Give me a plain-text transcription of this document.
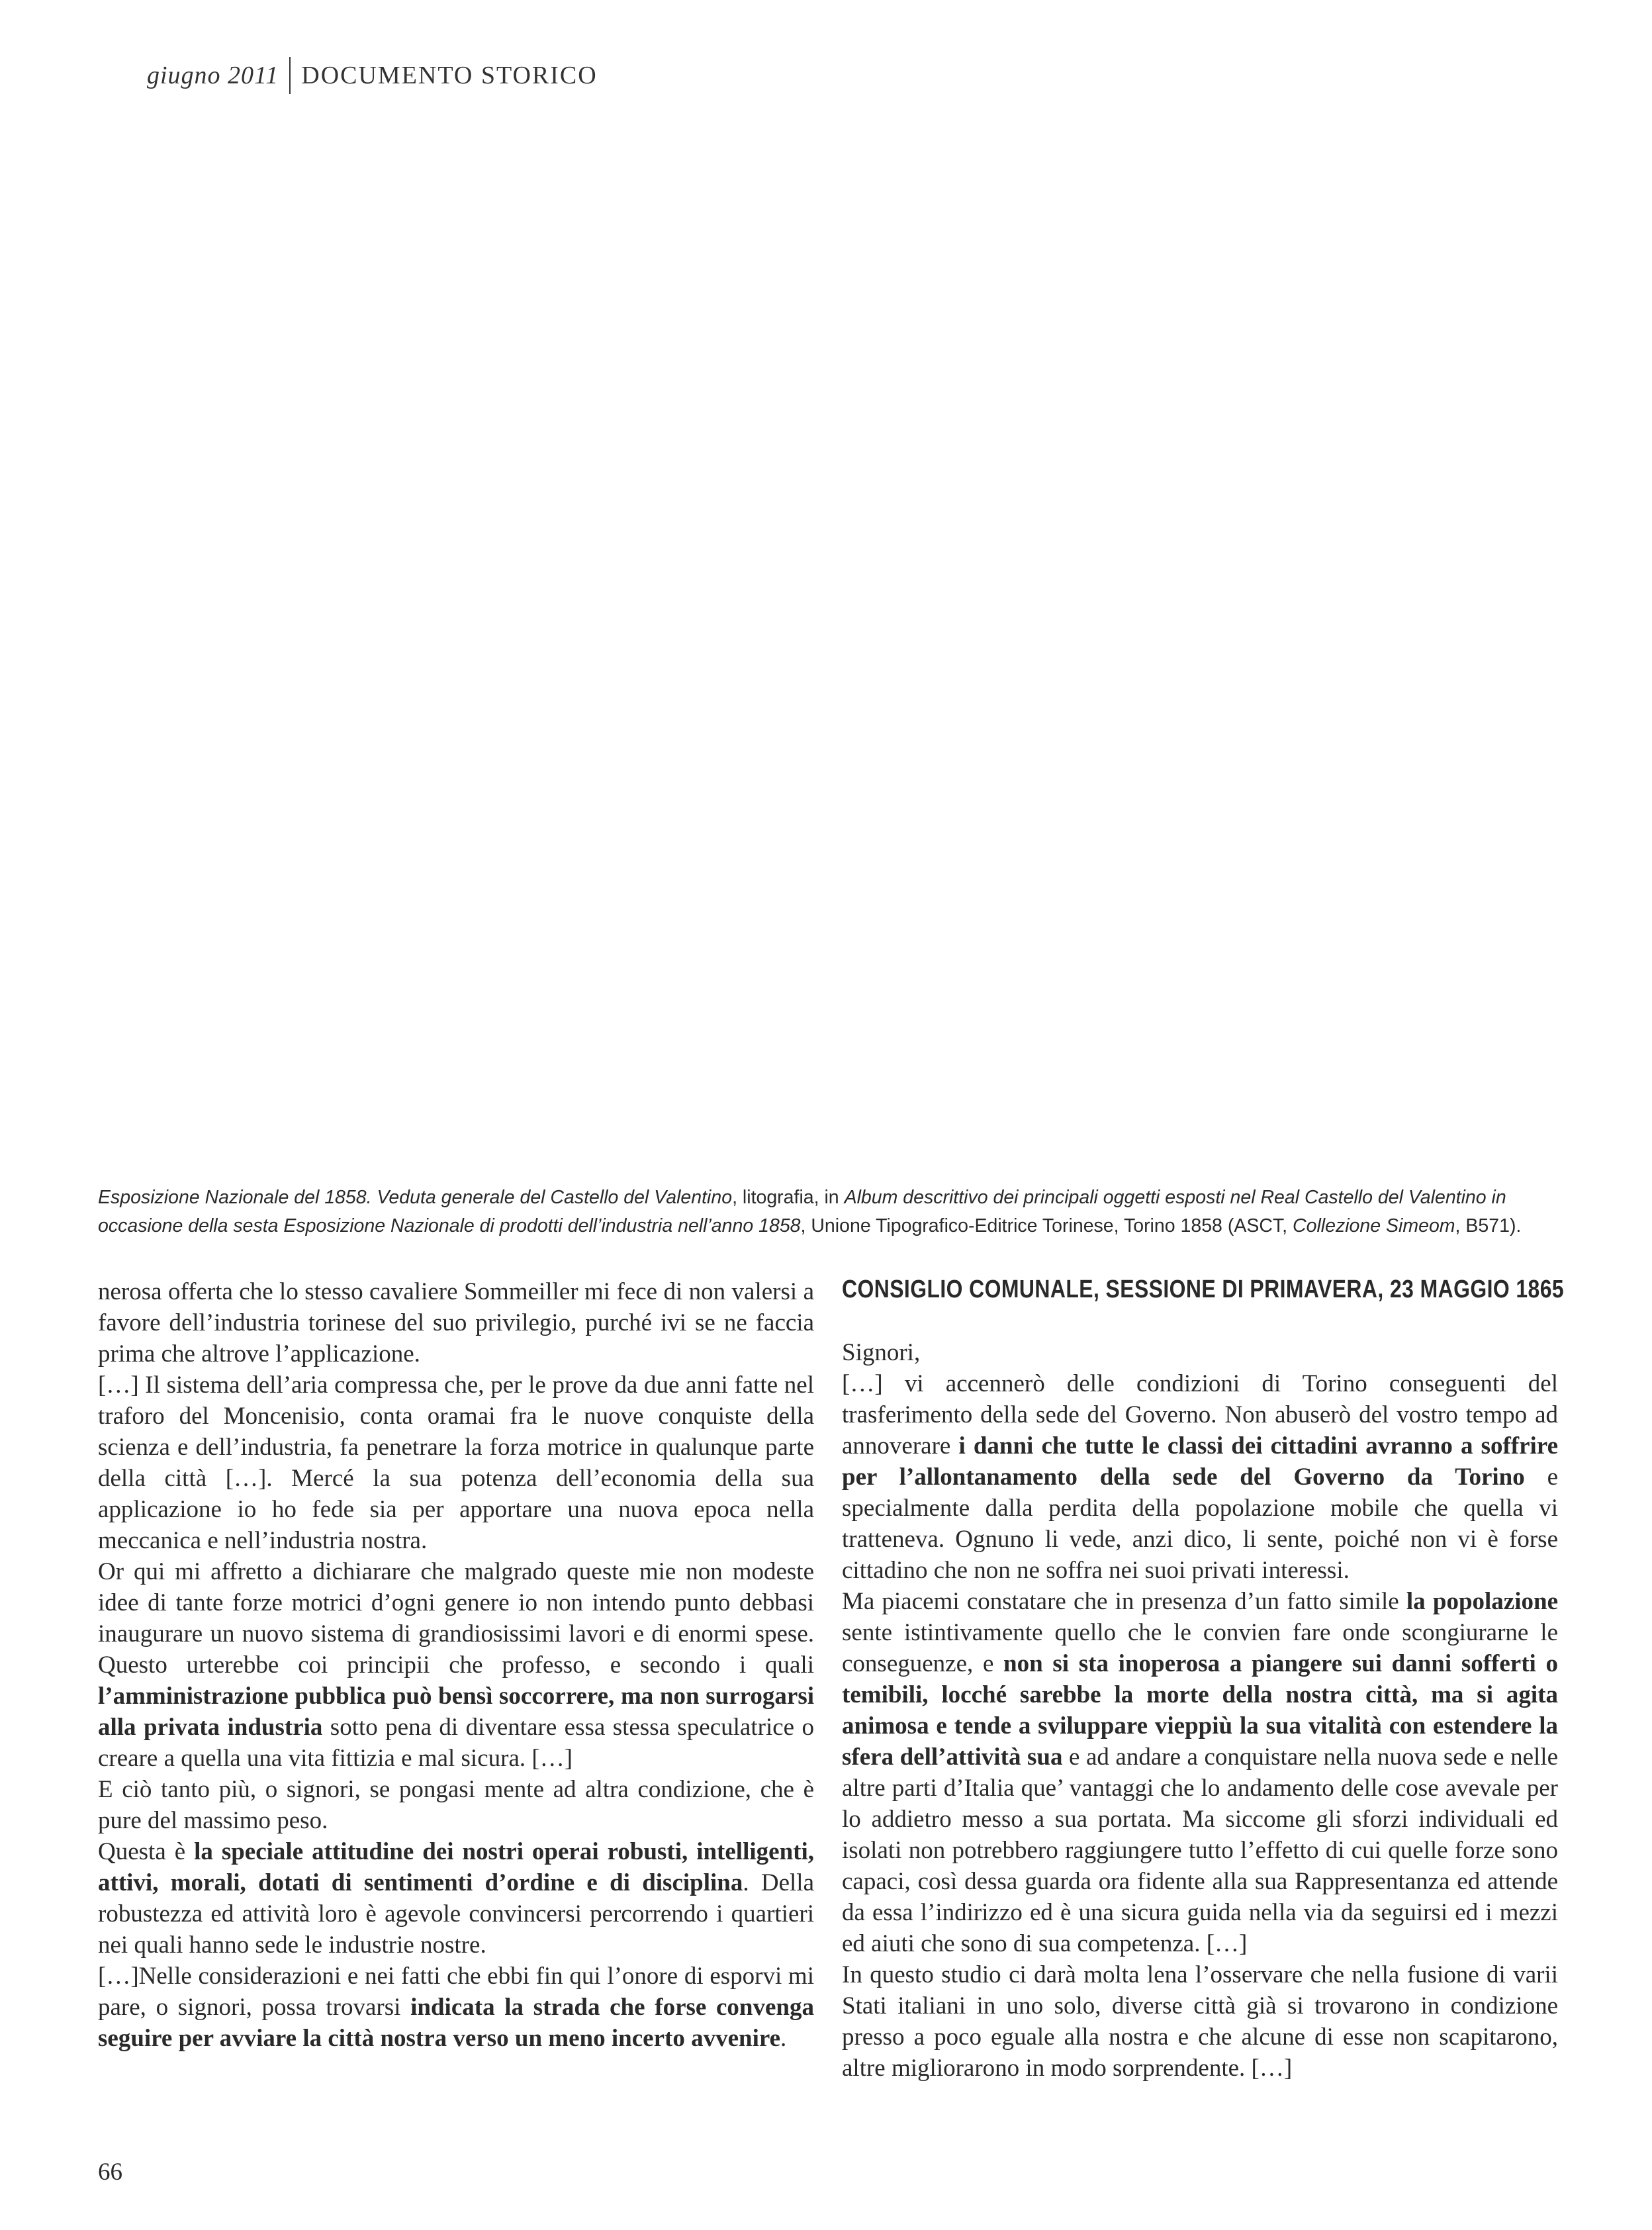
giugno 2011 DOCUMENTO STORICO
Esposizione Nazionale del 1858. Veduta generale del Castello del Valentino, litografia, in Album descrittivo dei principali oggetti esposti nel Real Castello del Valentino in occasione della sesta Esposizione Nazionale di prodotti dell’industria nell’anno 1858, Unione Tipografico-Editrice Torinese, Torino 1858 (ASCT, Collezione Simeom, B571).

nerosa offerta che lo stesso cavaliere Sommeiller mi fece di non valersi a favore dell’industria torinese del suo privilegio, purché ivi se ne faccia prima che altrove l’applicazione.

[…] Il sistema dell’aria compressa che, per le prove da due anni fatte nel traforo del Moncenisio, conta oramai fra le nuove conquiste della scienza e dell’industria, fa penetrare la forza motrice in qualunque parte della città […]. Mercé la sua potenza dell’economia della sua applicazione io ho fede sia per apportare una nuova epoca nella meccanica e nell’industria nostra.

Or qui mi affretto a dichiarare che malgrado queste mie non modeste idee di tante forze motrici d’ogni genere io non intendo punto debbasi inaugurare un nuovo sistema di grandiosissimi lavori e di enormi spese. Questo urterebbe coi principii che professo, e secondo i quali l’amministrazione pubblica può bensì soccorrere, ma non surrogarsi alla privata industria sotto pena di diventare essa stessa speculatrice o creare a quella una vita fittizia e mal sicura. […]

E ciò tanto più, o signori, se pongasi mente ad altra condizione, che è pure del massimo peso.

Questa è la speciale attitudine dei nostri operai robusti, intelligenti, attivi, morali, dotati di sentimenti d’ordine e di disciplina. Della robustezza ed attività loro è agevole convincersi percorrendo i quartieri nei quali hanno sede le industrie nostre.

[…]Nelle considerazioni e nei fatti che ebbi fin qui l’onore di esporvi mi pare, o signori, possa trovarsi indicata la strada che forse convenga seguire per avviare la città nostra verso un meno incerto avvenire.

CONSIGLIO COMUNALE, SESSIONE DI PRIMAVERA, 23 MAGGIO 1865

Signori,

[…] vi accennerò delle condizioni di Torino conseguenti del trasferimento della sede del Governo. Non abuserò del vostro tempo ad annoverare i danni che tutte le classi dei cittadini avranno a soffrire per l’allontanamento della sede del Governo da Torino e specialmente dalla perdita della popolazione mobile che quella vi tratteneva. Ognuno li vede, anzi dico, li sente, poiché non vi è forse cittadino che non ne soffra nei suoi privati interessi.

Ma piacemi constatare che in presenza d’un fatto simile la popolazione sente istintivamente quello che le convien fare onde scongiurarne le conseguenze, e non si sta inoperosa a piangere sui danni sofferti o temibili, locché sarebbe la morte della nostra città, ma si agita animosa e tende a sviluppare vieppiù la sua vitalità con estendere la sfera dell’attività sua e ad andare a conquistare nella nuova sede e nelle altre parti d’Italia que’ vantaggi che lo andamento delle cose avevale per lo addietro messo a sua portata. Ma siccome gli sforzi individuali ed isolati non potrebbero raggiungere tutto l’effetto di cui quelle forze sono capaci, così dessa guarda ora fidente alla sua Rappresentanza ed attende da essa l’indirizzo ed è una sicura guida nella via da seguirsi ed i mezzi ed aiuti che sono di sua competenza. […]

In questo studio ci darà molta lena l’osservare che nella fusione di varii Stati italiani in uno solo, diverse città già si trovarono in condizione presso a poco eguale alla nostra e che alcune di esse non scapitarono, altre migliorarono in modo sorprendente. […]

66
